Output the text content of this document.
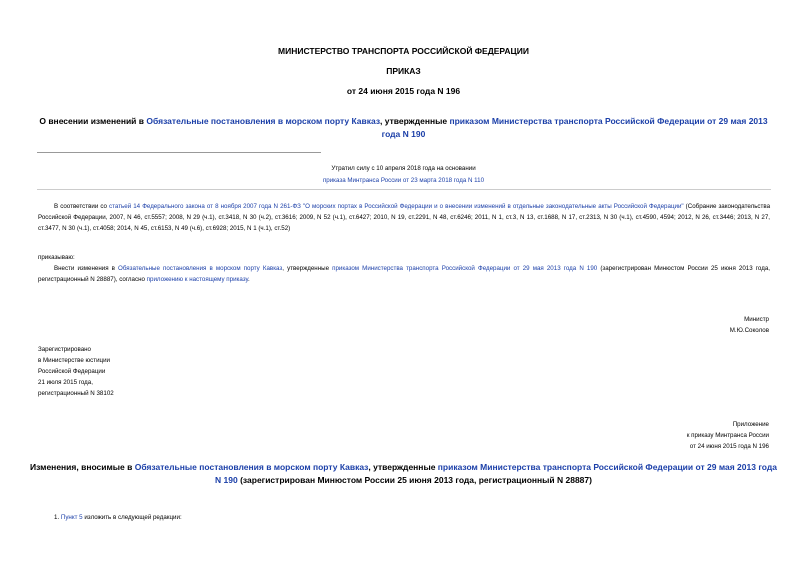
МИНИСТЕРСТВО ТРАНСПОРТА РОССИЙСКОЙ ФЕДЕРАЦИИ
ПРИКАЗ
от 24 июня 2015 года N 196
О внесении изменений в Обязательные постановления в морском порту Кавказ, утвержденные приказом Министерства транспорта Российской Федерации от 29 мая 2013 года N 190
Утратил силу с 10 апреля 2018 года на основании
приказа Минтранса России от 23 марта 2018 года N 110
В соответствии со статьей 14 Федерального закона от 8 ноября 2007 года N 261-ФЗ "О морских портах в Российской Федерации и о внесении изменений в отдельные законодательные акты Российской Федерации" (Собрание законодательства Российской Федерации, 2007, N 46, ст.5557; 2008, N 29 (ч.1), ст.3418, N 30 (ч.2), ст.3616; 2009, N 52 (ч.1), ст.6427; 2010, N 19, ст.2291, N 48, ст.6246; 2011, N 1, ст.3, N 13, ст.1688, N 17, ст.2313, N 30 (ч.1), ст.4590, 4594; 2012, N 26, ст.3446; 2013, N 27, ст.3477, N 30 (ч.1), ст.4058; 2014, N 45, ст.6153, N 49 (ч.6), ст.6928; 2015, N 1 (ч.1), ст.52)
приказываю:
Внести изменения в Обязательные постановления в морском порту Кавказ, утвержденные приказом Министерства транспорта Российской Федерации от 29 мая 2013 года N 190 (зарегистрирован Минюстом России 25 июня 2013 года, регистрационный N 28887), согласно приложению к настоящему приказу.
Министр
М.Ю.Соколов
Зарегистрировано
в Министерстве юстиции
Российской Федерации
21 июля 2015 года,
регистрационный N 38102
Приложение
к приказу Минтранса России
от 24 июня 2015 года N 196
Изменения, вносимые в Обязательные постановления в морском порту Кавказ, утвержденные приказом Министерства транспорта Российской Федерации от 29 мая 2013 года N 190 (зарегистрирован Минюстом России 25 июня 2013 года, регистрационный N 28887)
1. Пункт 5 изложить в следующей редакции:
